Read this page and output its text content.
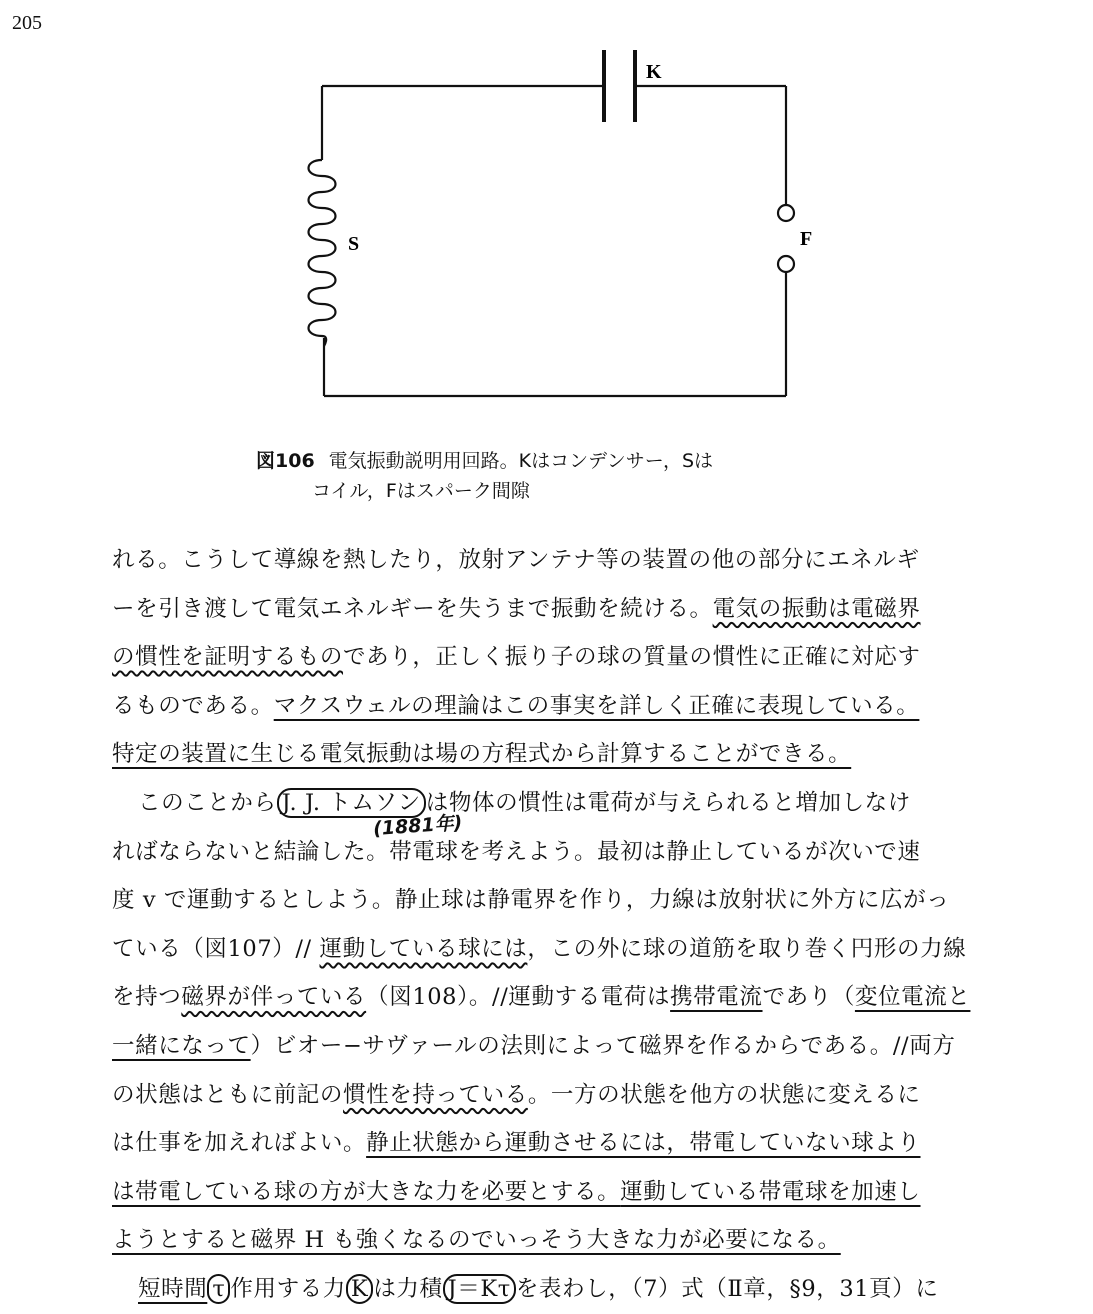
205
K
S	F
図106 電気振動説明用回路。Kはコンデンサー，Sは
コイル，Fはスパーク間隙
れる。こうして導線を熱したり，放射アンテナ等の装置の他の部分にエネルギ
ーを引き渡して電気エネルギーを失うまで振動を続ける。電気の振動は電磁界
の慣性を証明するものであり，正しく振り子の球の質量の慣性に正確に対応す
るものである。マクスウェルの理論はこの事実を詳しく正確に表現している。
特定の装置に生じる電気振動は場の方程式から計算することができる。
このことから J. J. トムソン は物体の慣性は電荷が与えられると増加しなけ
ればならないと結論した。帯電球を考えよう。最初は静止しているが次いで速
度 v で運動するとしよう。静止球は静電界を作り，力線は放射状に外方に広がっ
ている（図107）// 運動している球には，この外に球の道筋を取り巻く円形の力線
を持つ磁界が伴っている（図108）。//運動する電荷は携帯電流であり（変位電流と
一緒になって）ビオー−サヴァールの法則によって磁界を作るからである。//両方
の状態はともに前記の慣性を持っている。一方の状態を他方の状態に変えるに
は仕事を加えればよい。静止状態から運動させるには，帯電していない球より
は帯電している球の方が大きな力を必要とする。運動している帯電球を加速し
ようとすると磁界 H も強くなるのでいっそう大きな力が必要になる。
短時間 τ 作用する力 K は力積 J＝Kτ を表わし，（7）式（Ⅱ章，§9，31頁）に
( 1881年 )
